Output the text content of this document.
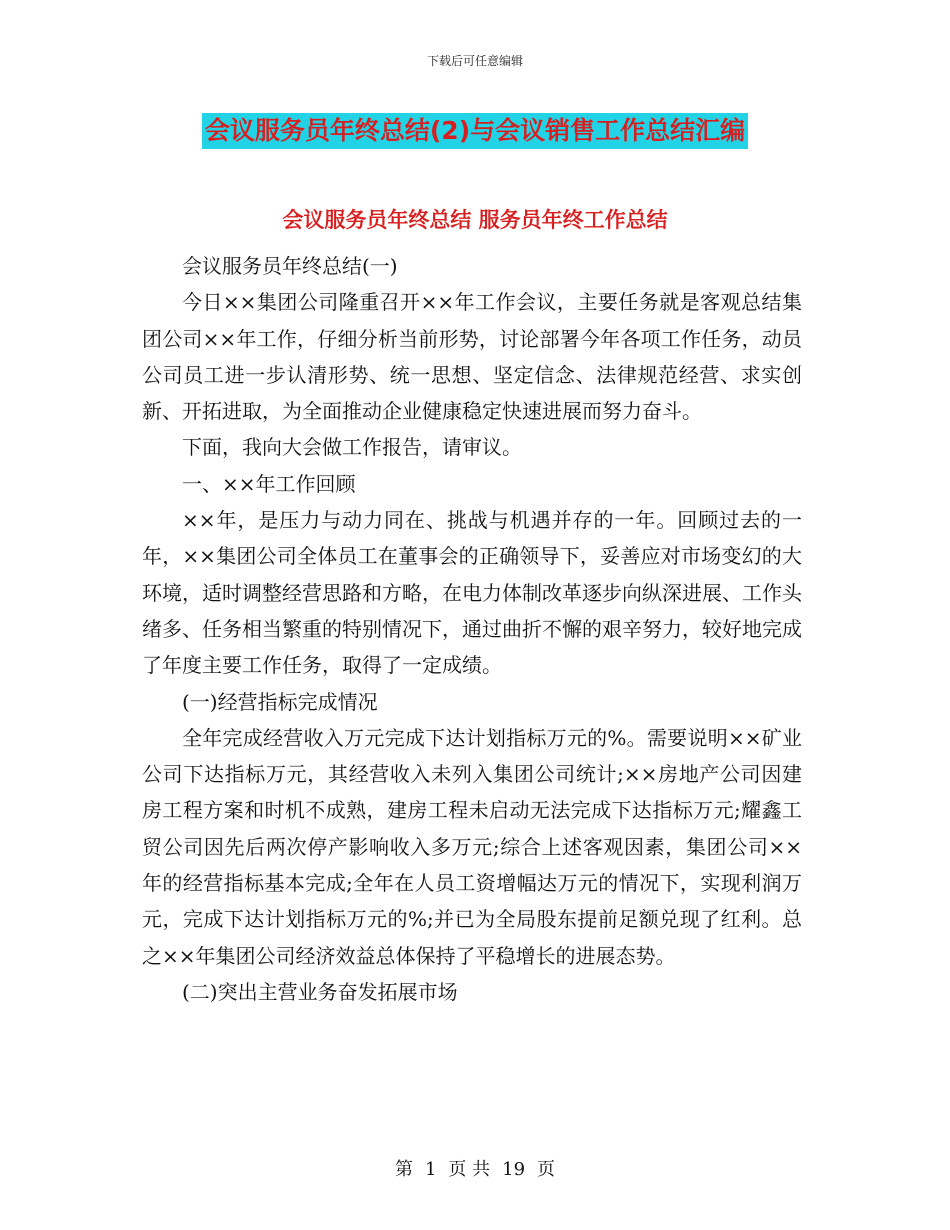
下载后可任意编辑
会议服务员年终总结(2)与会议销售工作总结汇编
会议服务员年终总结 服务员年终工作总结

会议服务员年终总结(一)

今日××集团公司隆重召开××年工作会议，主要任务就是客观总结集团公司××年工作，仔细分析当前形势，讨论部署今年各项工作任务，动员公司员工进一步认清形势、统一思想、坚定信念、法律规范经营、求实创新、开拓进取，为全面推动企业健康稳定快速进展而努力奋斗。

下面，我向大会做工作报告，请审议。

一、××年工作回顾

××年，是压力与动力同在、挑战与机遇并存的一年。回顾过去的一年，××集团公司全体员工在董事会的正确领导下，妥善应对市场变幻的大环境，适时调整经营思路和方略，在电力体制改革逐步向纵深进展、工作头绪多、任务相当繁重的特别情况下，通过曲折不懈的艰辛努力，较好地完成了年度主要工作任务，取得了一定成绩。

(一)经营指标完成情况

全年完成经营收入万元完成下达计划指标万元的%。需要说明××矿业公司下达指标万元，其经营收入未列入集团公司统计;××房地产公司因建房工程方案和时机不成熟，建房工程未启动无法完成下达指标万元;耀鑫工贸公司因先后两次停产影响收入多万元;综合上述客观因素，集团公司××年的经营指标基本完成;全年在人员工资增幅达万元的情况下，实现利润万元，完成下达计划指标万元的%;并已为全局股东提前足额兑现了红利。总之××年集团公司经济效益总体保持了平稳增长的进展态势。

(二)突出主营业务奋发拓展市场

第 1 页 共 19 页
